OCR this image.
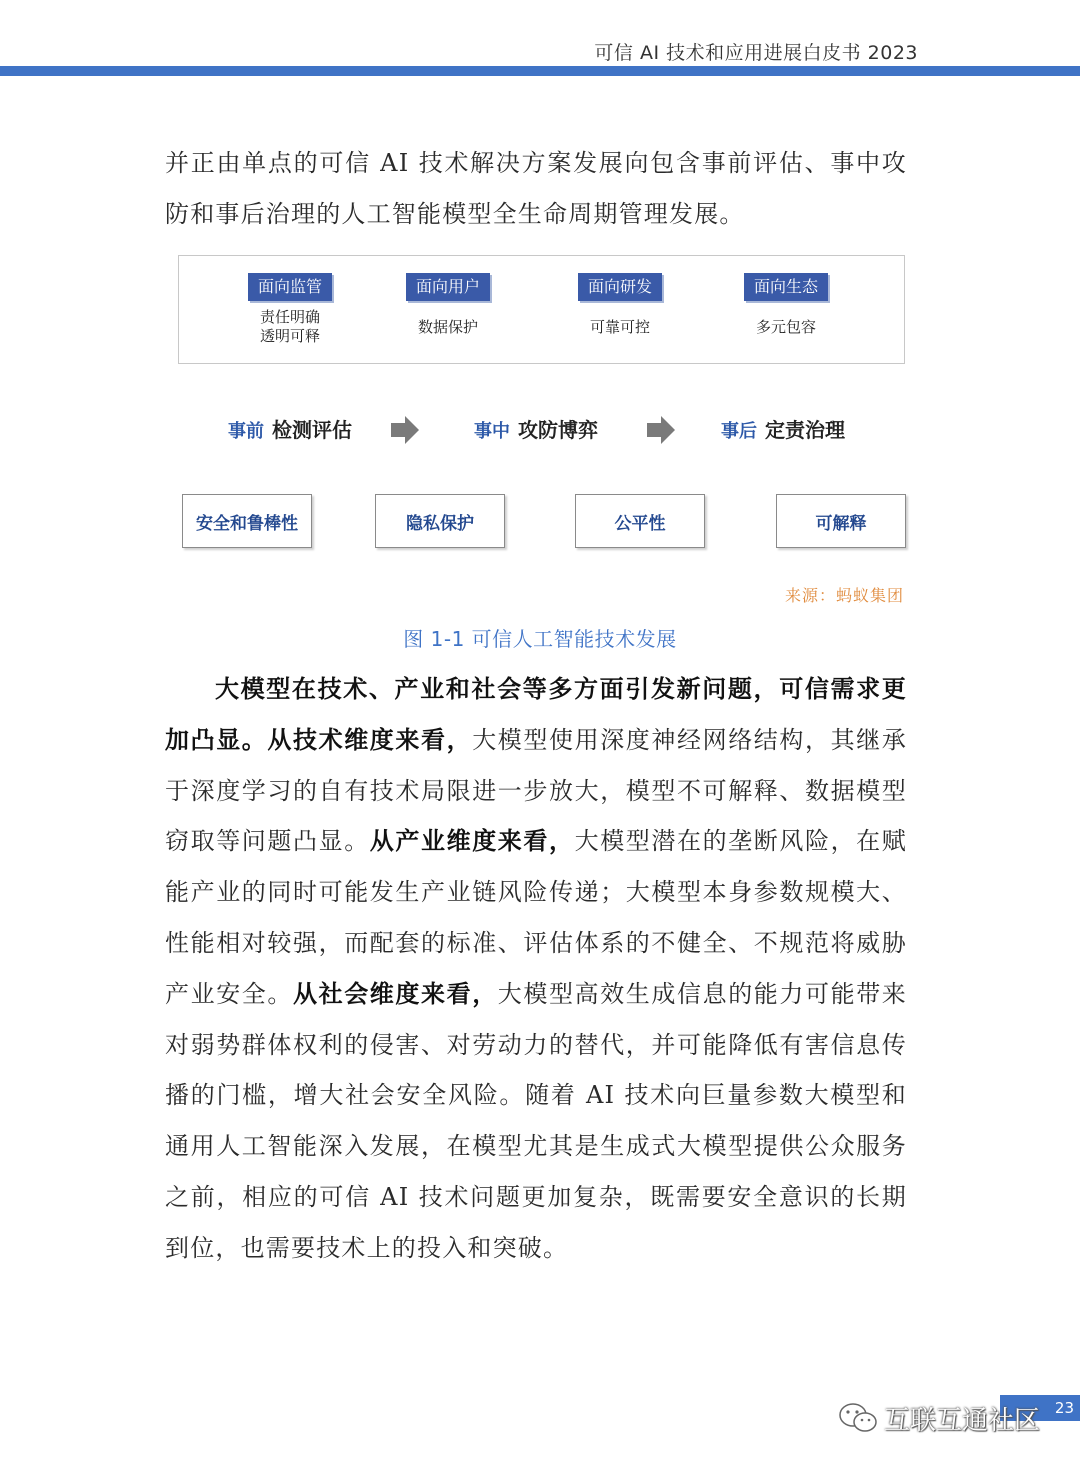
可信 AI 技术和应用进展白皮书 2023

并正由单点的可信 AI 技术解决方案发展向包含事前评估、事中攻防和事后治理的人工智能模型全生命周期管理发展。

面向监管
责任明确
透明可释
面向用户
数据保护
面向研发
可靠可控
面向生态
多元包容
事前 检测评估	事中 攻防博弈	事后 定责治理
安全和鲁棒性	隐私保护	公平性	可解释
来源：蚂蚁集团
图 1-1 可信人工智能技术发展

大模型在技术、产业和社会等多方面引发新问题，可信需求更加凸显。从技术维度来看，大模型使用深度神经网络结构，其继承于深度学习的自有技术局限进一步放大，模型不可解释、数据模型窃取等问题凸显。从产业维度来看，大模型潜在的垄断风险，在赋能产业的同时可能发生产业链风险传递；大模型本身参数规模大、性能相对较强，而配套的标准、评估体系的不健全、不规范将威胁产业安全。从社会维度来看，大模型高效生成信息的能力可能带来对弱势群体权利的侵害、对劳动力的替代，并可能降低有害信息传播的门槛，增大社会安全风险。随着 AI 技术向巨量参数大模型和通用人工智能深入发展，在模型尤其是生成式大模型提供公众服务之前，相应的可信 AI 技术问题更加复杂，既需要安全意识的长期到位，也需要技术上的投入和突破。

23
互联互通社区
